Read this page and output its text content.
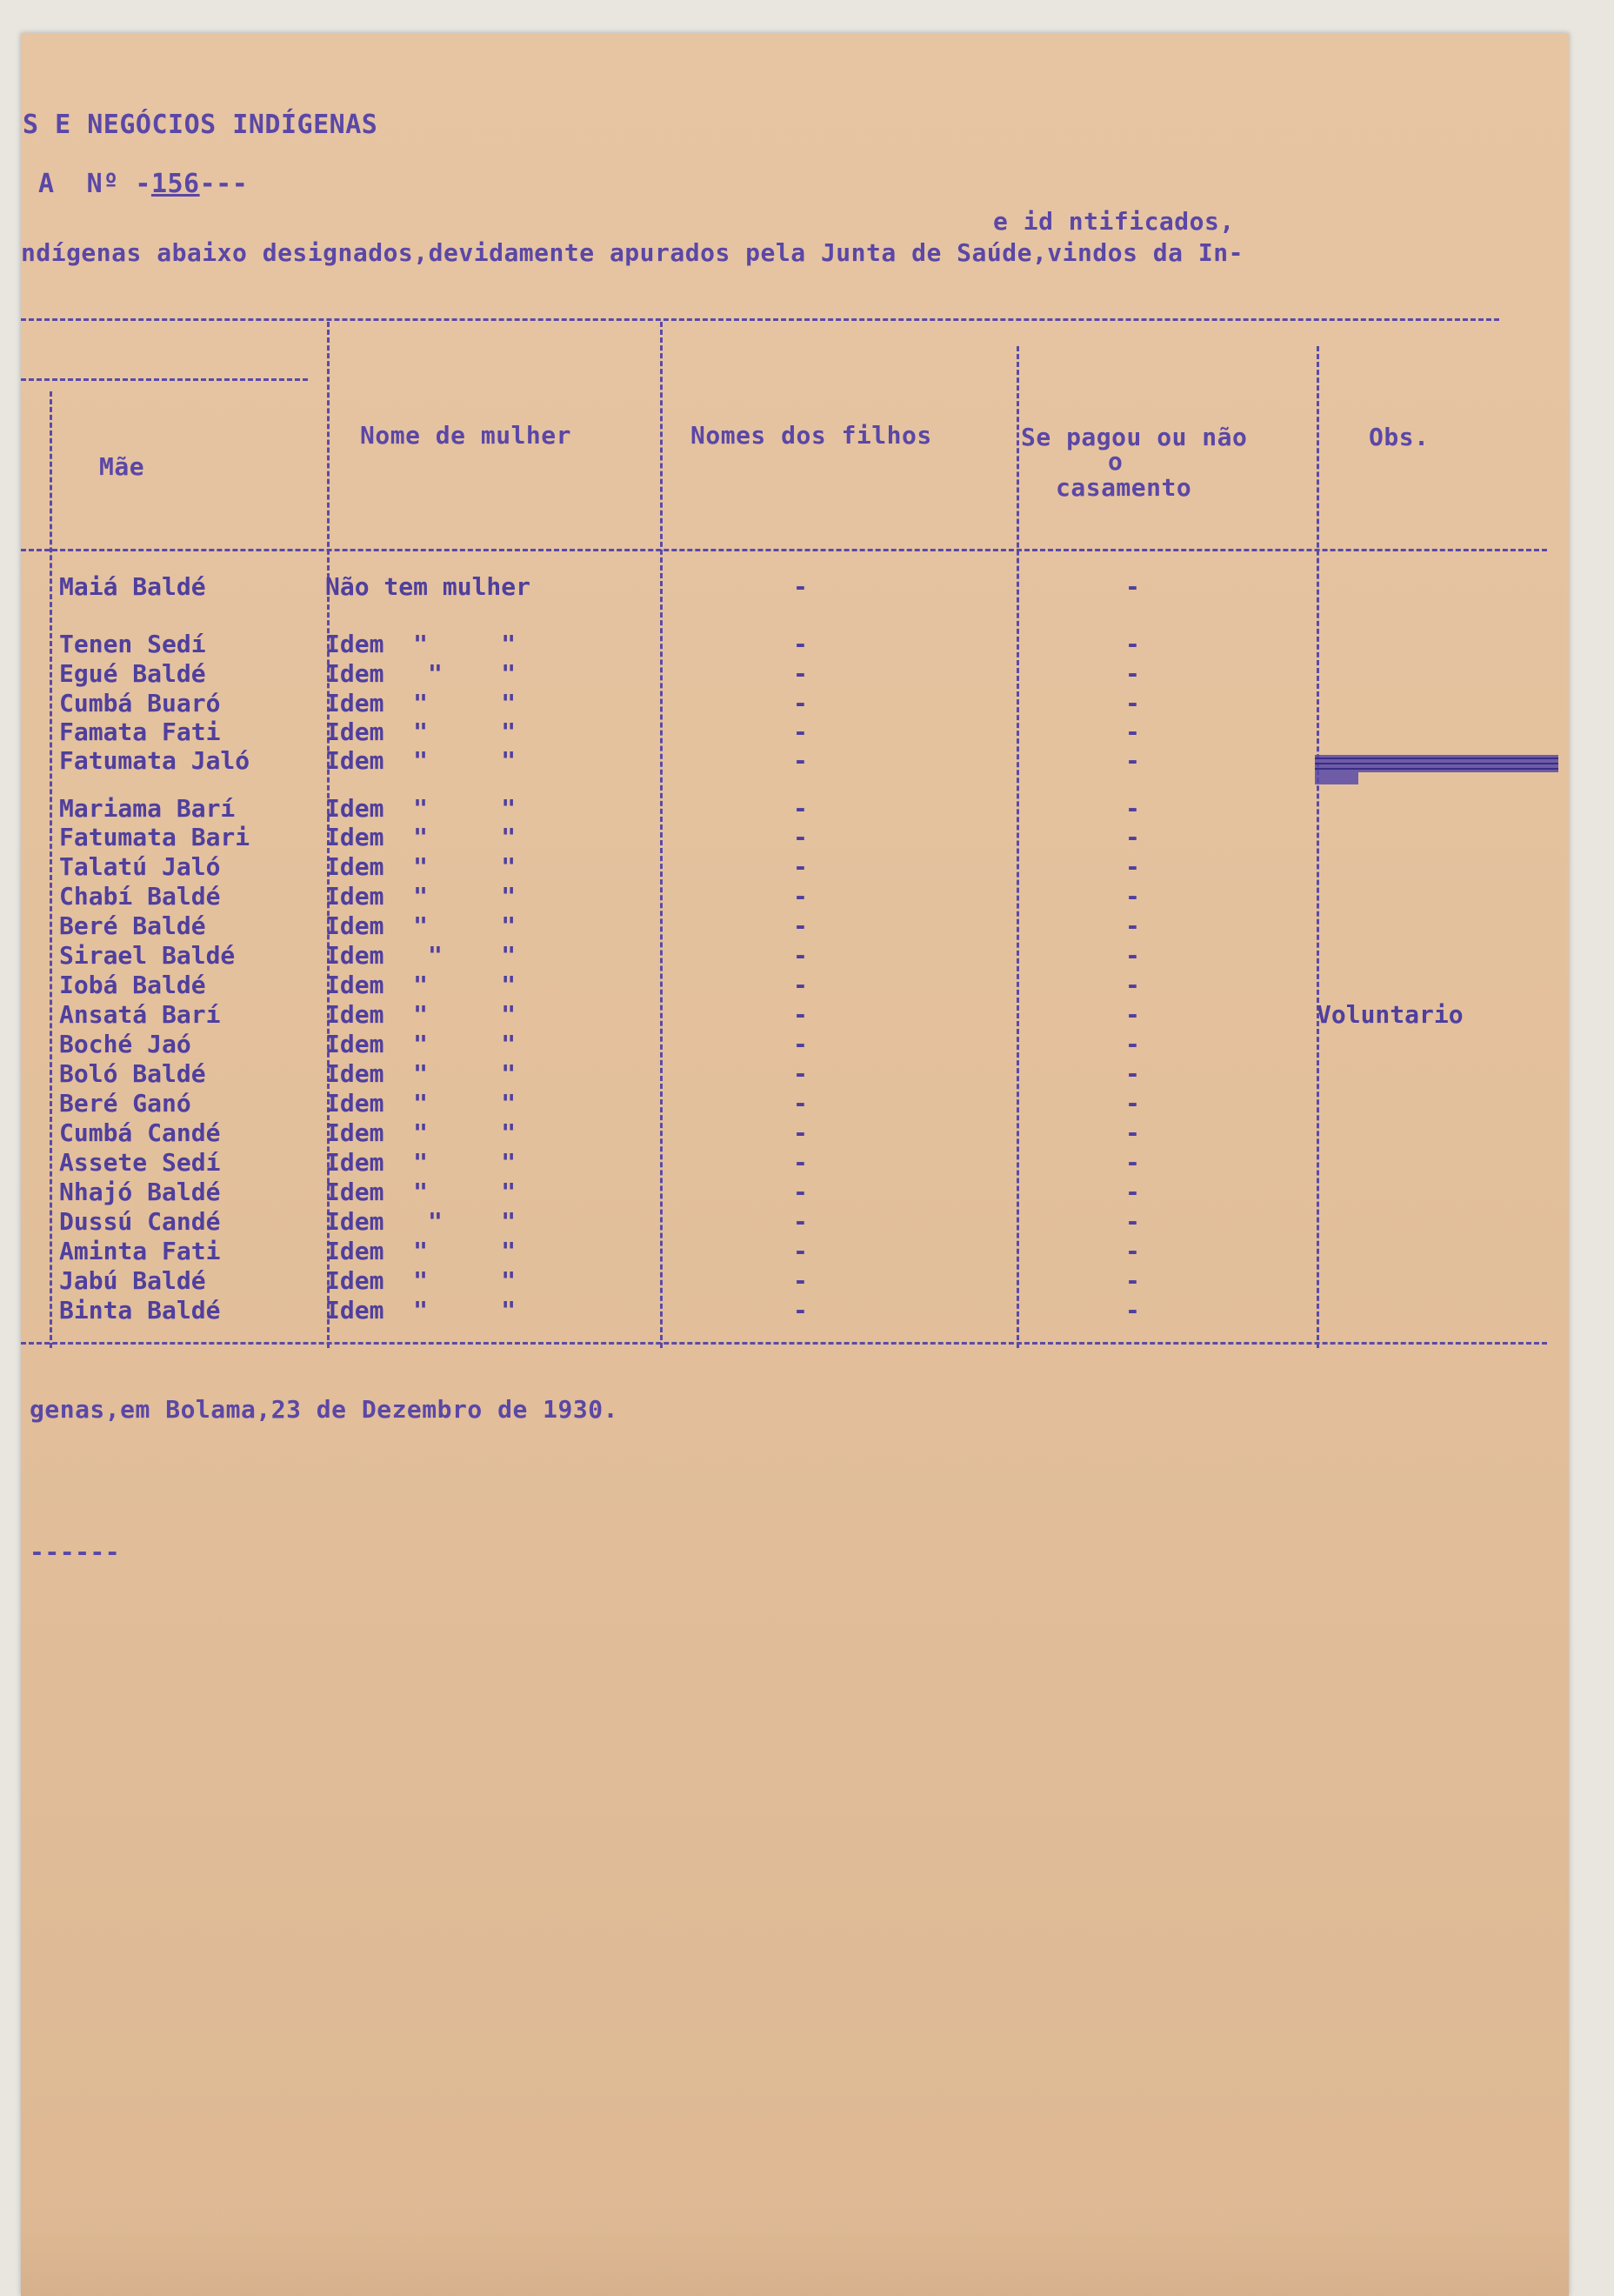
S E NEGÓCIOS INDÍGENAS
A  Nº -156---
e id ntificados,
ndígenas abaixo designados,devidamente apurados pela Junta de Saúde,vindos da In-
Mãe
Nome de mulher	Nomes dos filhos	Se pagou ou não
o
casamento
Obs.
Maiá Baldé	Não tem mulher	-	-
Tenen Sedí	Idem  "     "	-	-
Egué Baldé	Idem   "    "	-	-
Cumbá Buaró	Idem  "     "	-	-
Famata Fati	Idem  "     "	-	-
Fatumata Jaló	Idem  "     "	-	-
Mariama Barí	Idem  "     "	-	-
Fatumata Bari	Idem  "     "	-	-
Talatú Jaló	Idem  "     "	-	-
Chabí Baldé	Idem  "     "	-	-
Beré Baldé	Idem  "     "	-	-
Sirael Baldé	Idem   "    "	-	-
Iobá Baldé	Idem  "     "	-	-
Ansatá Barí	Idem  "     "	-	-	Voluntario
Boché Jaó	Idem  "     "	-	-
Boló Baldé	Idem  "     "	-	-
Beré Ganó	Idem  "     "	-	-
Cumbá Candé	Idem  "     "	-	-
Assete Sedí	Idem  "     "	-	-
Nhajó Baldé	Idem  "     "	-	-
Dussú Candé	Idem   "    "	-	-
Aminta Fati	Idem  "     "	-	-
Jabú Baldé	Idem  "     "	-	-
Binta Baldé	Idem  "     "	-	-
genas,em Bolama,23 de Dezembro de 1930.
------
